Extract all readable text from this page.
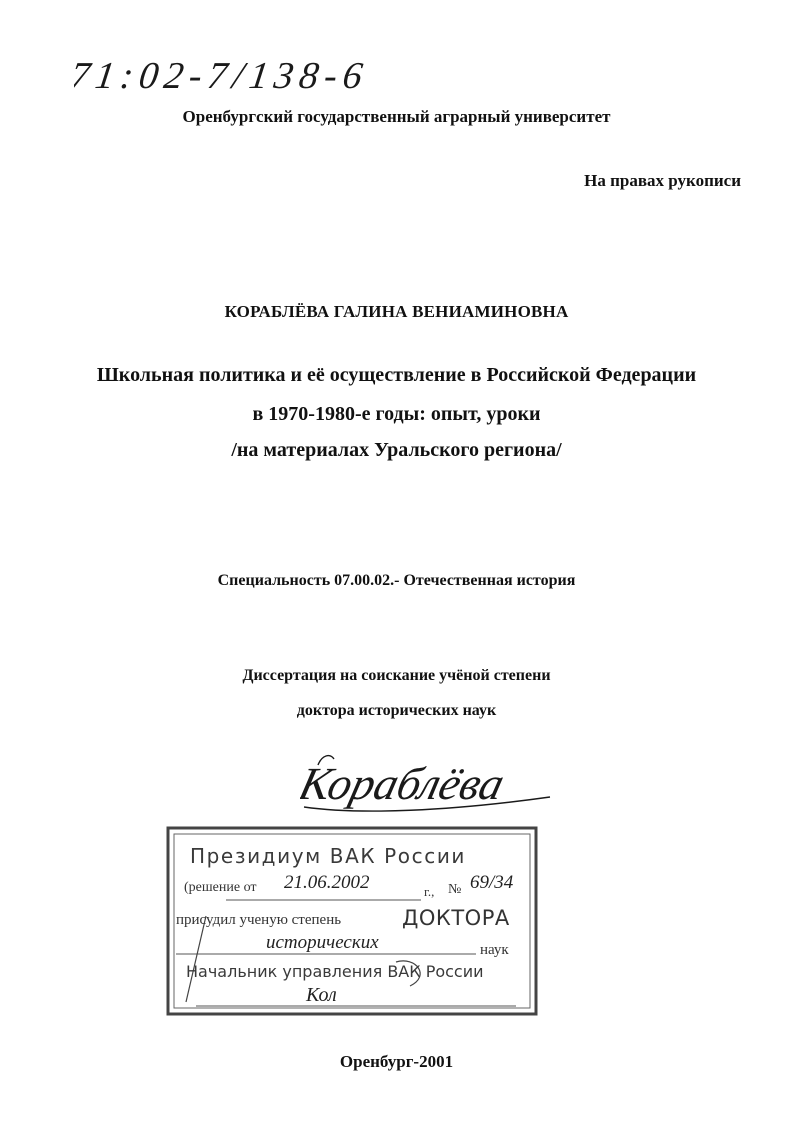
71:02-7/138-6
Оренбургский государственный аграрный университет
На правах рукописи
КОРАБЛЁВА ГАЛИНА ВЕНИАМИНОВНА
Школьная политика и её осуществление в Российской Федерации
в 1970-1980-е годы: опыт, уроки
/на материалах Уральского региона/
Специальность 07.00.02.- Отечественная история
Диссертация на соискание учёной степени
доктора исторических наук
Кораблёва
Президиум ВАК России
(решение от 21.06.2002	г., № 69/34
присудил ученую степень	ДОКТОРА
исторических	наук
Начальник управления ВАК России
Кол
Оренбург-2001
